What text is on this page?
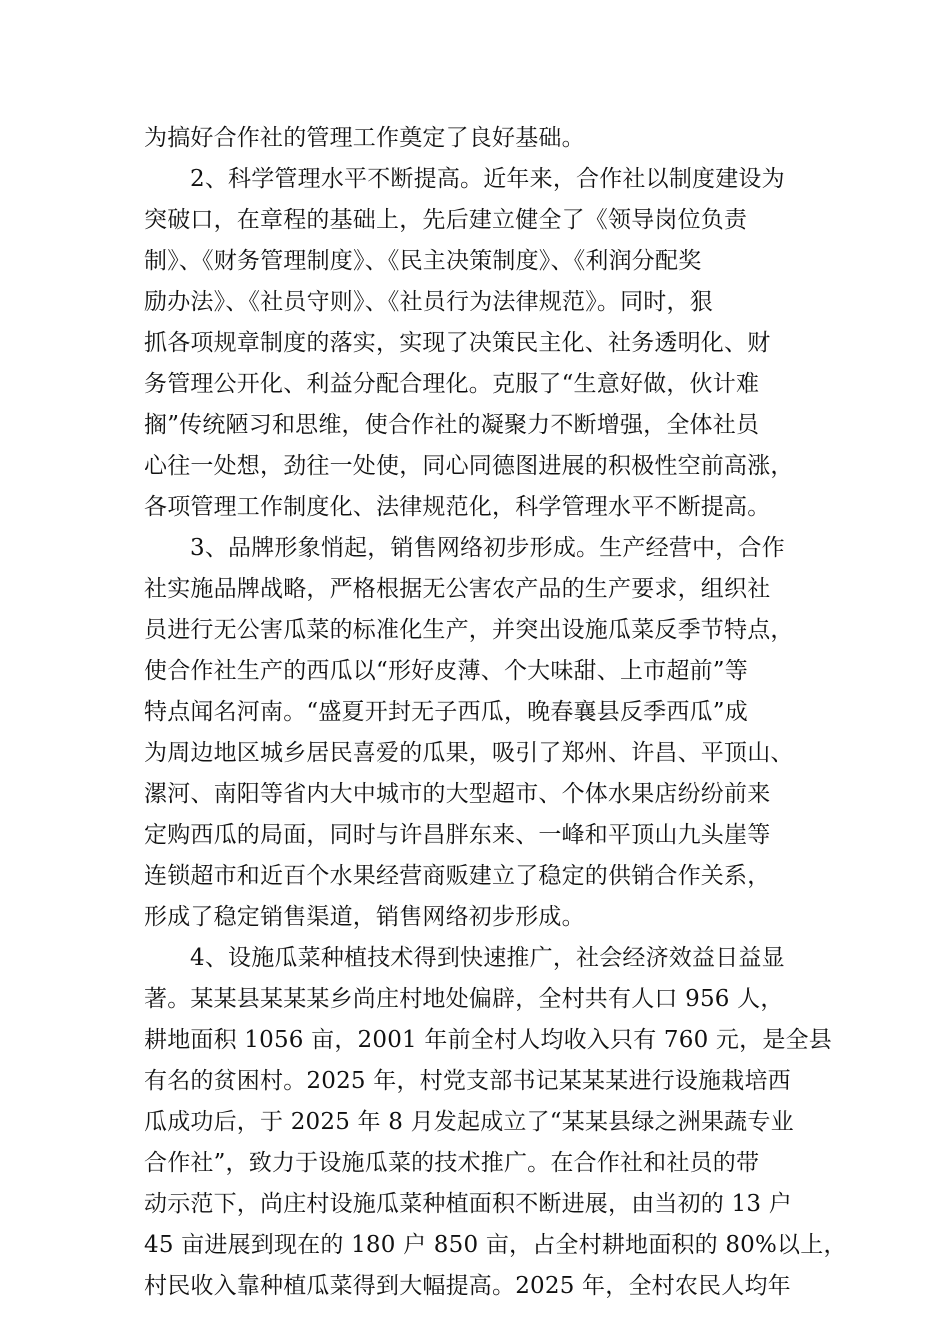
为搞好合作社的管理工作奠定了良好基础。
2、科学管理水平不断提高。近年来，合作社以制度建设为
突破口，在章程的基础上，先后建立健全了《领导岗位负责
制》、《财务管理制度》、《民主决策制度》、《利润分配奖
励办法》、《社员守则》、《社员行为法律规范》。同时，狠
抓各项规章制度的落实，实现了决策民主化、社务透明化、财
务管理公开化、利益分配合理化。克服了“生意好做，伙计难
搁”传统陋习和思维，使合作社的凝聚力不断增强，全体社员
心往一处想，劲往一处使，同心同德图进展的积极性空前高涨，
各项管理工作制度化、法律规范化，科学管理水平不断提高。
3、品牌形象悄起，销售网络初步形成。生产经营中，合作
社实施品牌战略，严格根据无公害农产品的生产要求，组织社
员进行无公害瓜菜的标准化生产，并突出设施瓜菜反季节特点，
使合作社生产的西瓜以“形好皮薄、个大味甜、上市超前”等
特点闻名河南。“盛夏开封无子西瓜，晚春襄县反季西瓜”成
为周边地区城乡居民喜爱的瓜果，吸引了郑州、许昌、平顶山、
漯河、南阳等省内大中城市的大型超市、个体水果店纷纷前来
定购西瓜的局面，同时与许昌胖东来、一峰和平顶山九头崖等
连锁超市和近百个水果经营商贩建立了稳定的供销合作关系，
形成了稳定销售渠道，销售网络初步形成。
4、设施瓜菜种植技术得到快速推广，社会经济效益日益显
著。某某县某某某乡尚庄村地处偏辟，全村共有人口 956 人，
耕地面积 1056 亩，2001 年前全村人均收入只有 760 元，是全县
有名的贫困村。2025 年，村党支部书记某某某进行设施栽培西
瓜成功后，于 2025 年 8 月发起成立了“某某县绿之洲果蔬专业
合作社”，致力于设施瓜菜的技术推广。在合作社和社员的带
动示范下，尚庄村设施瓜菜种植面积不断进展，由当初的 13 户
45 亩进展到现在的 180 户 850 亩，占全村耕地面积的 80%以上，
村民收入靠种植瓜菜得到大幅提高。2025 年，全村农民人均年
